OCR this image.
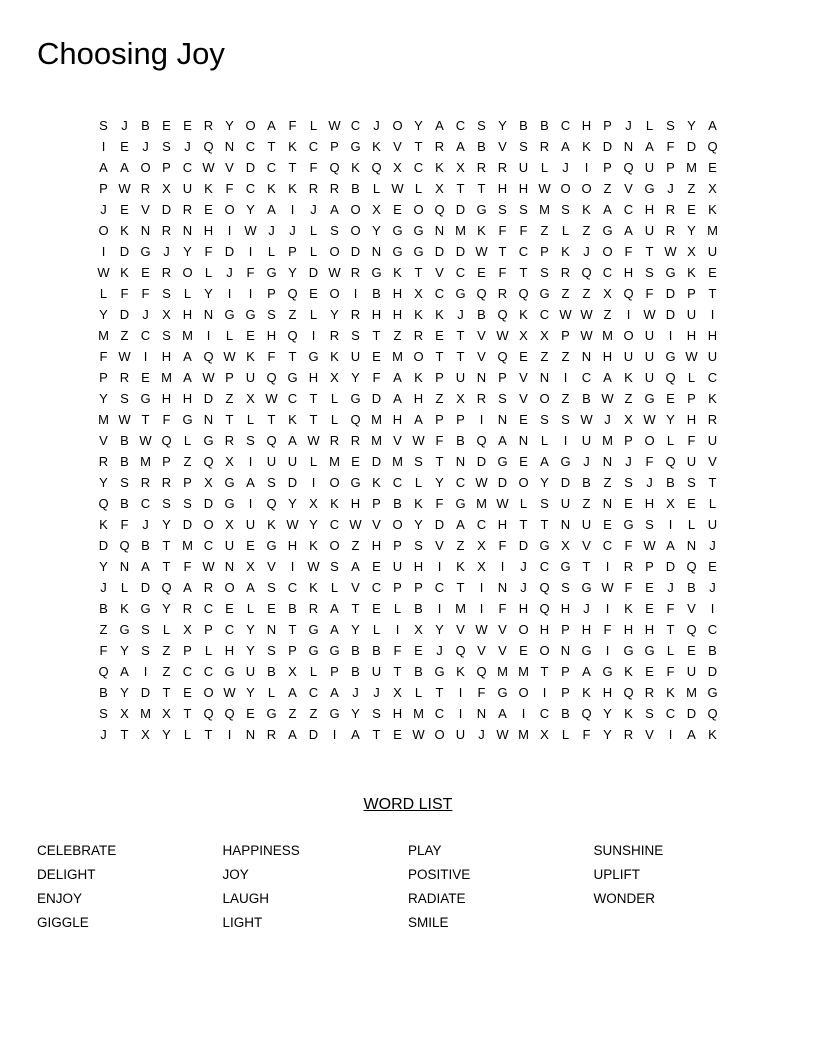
Choosing Joy
S	J	B E E R Y O A F	L W C	J O Y A C S Y B B C H P	J	L	S Y A
I	E	J	S	J Q N C T K C P G K V T R A B V S R A K D N A F D Q
A A O P C W V D C T	F Q K Q X C K X R R U L	J	I	P Q U P M E
P W R X U K F C K K R R B	L W L	X T	T H H W O O Z V G J	Z X
J	E V D R E O Y A	I	J	A O X E O Q D G S S M S K A C H R E K
O K N R N H	I	W J	J	L	S O Y G G N M K F	F	Z	L	Z G A U R Y M
I	D G J	Y F D	I	L	P	L O D N G G D D W T C P K	J O F	T W X U
W K E R O L	J	F G Y D W R G K T V C E F	T S R Q C H S G K E
L	F	F S	L	Y	I	I	P Q E O	I	B H X C G Q R Q G Z	Z X Q F D P T
Y D	J	X H N G G S Z	L	Y R H H K K	J	B Q K C W W Z	I	W D U	I
M Z C S M	I	L	E H Q	I	R S T	Z R E T V W X X P W M O U	I	H H
F W	I	H A Q W K F	T G K U E M O T	T V Q E Z	Z N H U U G W U
P R E M A W P U Q G H X Y F A K P U N P V N	I	C A K U Q L C
Y S G H H D Z X W C T	L G D A H Z X R S V O Z B W Z G E P K
M W T	F G N T	L	T K T	L Q M H A P P	I	N E S S W J	X W Y H R
V B W Q L G R S Q A W R R M V W F B Q A N L	I	U M P O L	F U
R B M P Z Q X	I	U U L M E D M S T N D G E A G J	N	J	F Q U V
Y S R R P X G A S D	I	O G K C L	Y C W D O Y D B Z S	J	B S T
Q B C S S D G	I	Q Y X K H P B K F G M W L	S U Z N E H X E	L
K F	J	Y D O X U K W Y C W V O Y D A C H T	T N U E G S	I	L U
D Q B T M C U E G H K O Z H P S V Z X F D G X V C F W A N	J
Y N A T	F W N X V	I	W S A E U H	I	K X	I	J	C G T	I	R P D Q E
J	L D Q A R O A S C K	L	V C P P C T	I	N	J Q S G W F E	J	B	J
B K G Y R C E	L	E B R A T E	L	B	I	M	I	F H Q H	J	I	K E F V	I
Z G S	L	X P C Y N T G A Y	L	I	X Y V W V O H P H F H H T Q C
F Y S Z P	L H Y S P G G B B F E	J Q V V E O N G	I	G G L	E B
Q A	I	Z C C G U B X	L	P B U T B G K Q M M T P A G K E F U D
B Y D T E O W Y	L	A C A	J	J	X	L	T	I	F G O	I	P K H Q R K M G
S X M X T Q Q E G Z	Z G Y S H M C	I	N A	I	C B Q Y K S C D Q
J	T X Y	L	T	I	N R A D	I	A T E W O U	J W M X	L	F Y R V	I	A K
WORD LIST
CELEBRATE
DELIGHT
ENJOY
GIGGLE
HAPPINESS
JOY
LAUGH
LIGHT
PLAY
POSITIVE
RADIATE
SMILE
SUNSHINE
UPLIFT
WONDER
